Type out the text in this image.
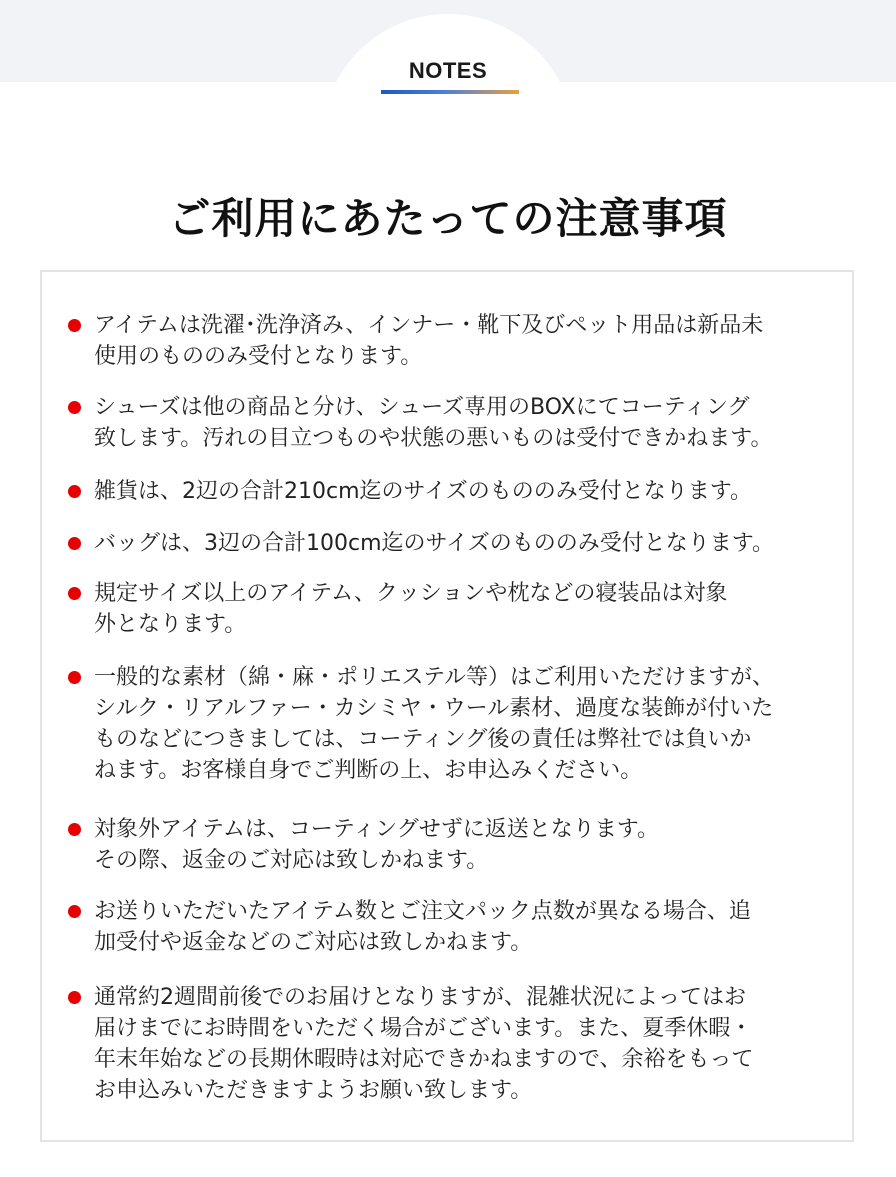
NOTES
ご利用にあたっての注意事項
アイテムは洗濯･洗浄済み、インナー・靴下及びペット用品は新品未
使用のもののみ受付となります。
シューズは他の商品と分け、シューズ専用のBOXにてコーティング
致します。汚れの目立つものや状態の悪いものは受付できかねます。
雑貨は、2辺の合計210cm迄のサイズのもののみ受付となります。
バッグは、3辺の合計100cm迄のサイズのもののみ受付となります。
規定サイズ以上のアイテム、クッションや枕などの寝装品は対象
外となります。
一般的な素材（綿・麻・ポリエステル等）はご利用いただけますが、
シルク・リアルファー・カシミヤ・ウール素材、過度な装飾が付いた
ものなどにつきましては、コーティング後の責任は弊社では負いか
ねます。お客様自身でご判断の上、お申込みください。
対象外アイテムは、コーティングせずに返送となります。
その際、返金のご対応は致しかねます。
お送りいただいたアイテム数とご注文パック点数が異なる場合、追
加受付や返金などのご対応は致しかねます。
通常約2週間前後でのお届けとなりますが、混雑状況によってはお
届けまでにお時間をいただく場合がございます。また、夏季休暇・
年末年始などの長期休暇時は対応できかねますので、余裕をもって
お申込みいただきますようお願い致します。
